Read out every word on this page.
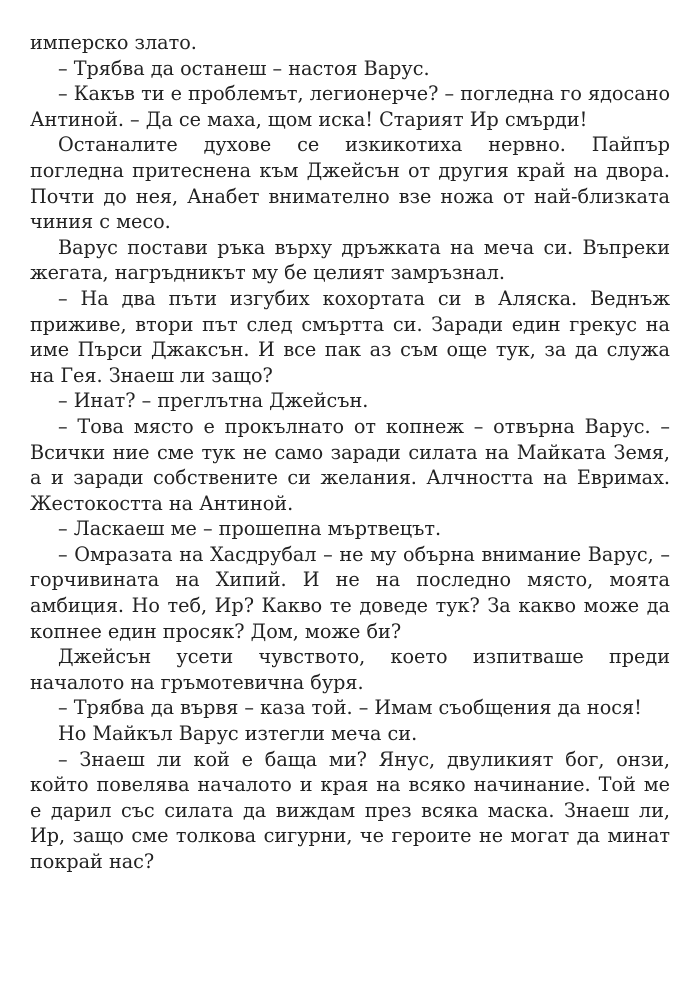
имперско злато.

– Трябва да останеш – настоя Варус.

– Какъв ти е проблемът, легионерче? – погледна го ядосано Антиной. – Да се маха, щом иска! Старият Ир смърди!

Останалите духове се изкикотиха нервно. Пайпър погледна притеснена към Джейсън от другия край на двора. Почти до нея, Анабет внимателно взе ножа от най-близката чиния с месо.

Варус постави ръка върху дръжката на меча си. Въпреки жегата, нагръдникът му бе целият замръзнал.

– На два пъти изгубих кохортата си в Аляска. Веднъж приживе, втори път след смъртта си. Заради един грекус на име Пърси Джаксън. И все пак аз съм още тук, за да служа на Гея. Знаеш ли защо?

– Инат? – преглътна Джейсън.

– Това място е прокълнато от копнеж – отвърна Варус. – Всички ние сме тук не само заради силата на Майката Земя, а и заради собствените си желания. Алчността на Евримах. Жестокостта на Антиной.

– Ласкаеш ме – прошепна мъртвецът.

– Омразата на Хасдрубал – не му обърна внимание Варус, – горчивината на Хипий. И не на последно място, моята амбиция. Но теб, Ир? Какво те доведе тук? За какво може да копнее един просяк? Дом, може би?

Джейсън усети чувството, което изпитваше преди началото на гръмотевична буря.

– Трябва да вървя – каза той. – Имам съобщения да нося!

Но Майкъл Варус изтегли меча си.

– Знаеш ли кой е баща ми? Янус, двуликият бог, онзи, който повелява началото и края на всяко начинание. Той ме е дарил със силата да виждам през всяка маска. Знаеш ли, Ир, защо сме толкова сигурни, че героите не могат да минат покрай нас?
